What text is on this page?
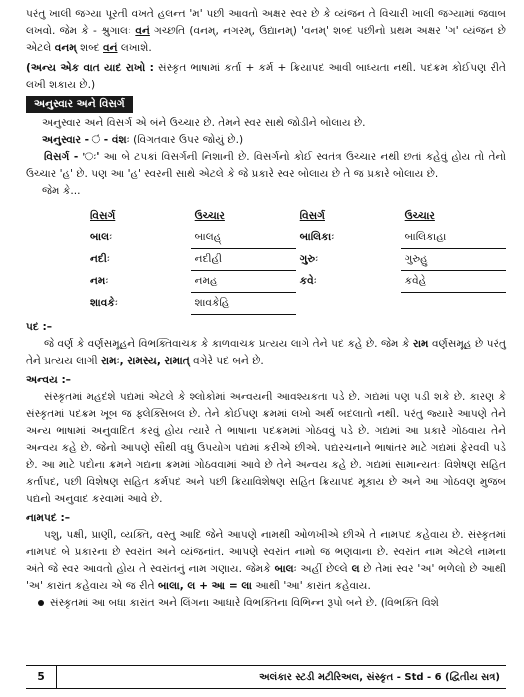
પરંતુ ખાલી જગ્યા પૂરતી વખતે હલન્ત 'મ' પછી આવતો અક્ષર સ્વર છે કે વ્યંજન તે વિચારી ખાલી જગ્યામાં જવાબ લખવો. જેમ કે - શ્રુગાલઃ વનં ગચ્છતિ (વનમ્, નગરમ્, ઉદ્યાનમ્) 'વનમ્' શબ્દ પછીનો પ્રથમ અક્ષર 'ગ' વ્યંજન છે એટલે વનમ્ શબ્દ વનં લખાશે.

(અન્ય એક વાત યાદ રાખો : સંસ્કૃત ભાષામાં કર્તા + કર્મ + ક્રિયાપદ આવી બાધ્યતા નથી. પદક્રમ કોઈપણ રીતે લખી શકાય છે.)

અનુસ્વાર અને વિસર્ગ

અનુસ્વાર અને વિસર્ગ એ બંને ઉચ્ચાર છે. તેમને સ્વર સાથે જોડીને બોલાય છે.

અનુસ્વાર - ં - વંશઃ (વિગતવાર ઉપર જોયું છે.)

વિસર્ગ - 'ઃ' આ બે ટપકાં વિસર્ગની નિશાની છે. વિસર્ગનો કોઈ સ્વતંત્ર ઉચ્ચાર નથી છતાં કહેવું હોય તો તેનો ઉચ્ચાર 'હ' છે. પણ આ 'હ' સ્વરની સાથે એટલે કે જે પ્રકારે સ્વર બોલાય છે તે જ પ્રકારે બોલાય છે.

જેમ કે...

વિસર્ગ	ઉચ્ચાર	વિસર્ગ	ઉચ્ચાર
બાલઃ	બાલહ્	બાલિકાઃ	બાલિકાહા
નદીઃ	નદીહી	ગુરુઃ	ગુરુહુ
નમઃ	નમહ	કવેઃ	કવેહે
શાવકેઃ	શાવકેહિ		

પદ :–

જે વર્ણ કે વર્ણસમૂહને વિભક્તિવાચક કે કાળવાચક પ્રત્યય લાગે તેને પદ કહે છે. જેમ કે રામ વર્ણસમૂહ છે પરંતુ તેને પ્રત્યય લાગી રામઃ, રામસ્ય, રામાત્ વગેરે પદ બને છે.

અન્વય :–

સંસ્કૃતમાં મહદંશે પદ્યમાં એટલે કે શ્લોકોમાં અન્વયની આવશ્યકતા પડે છે. ગદ્યમાં પણ પડી શકે છે. કારણ કે સંસ્કૃતમાં પદક્રમ ખૂબ જ ફ્લેક્સિબલ છે. તેને કોઈપણ ક્રમમાં લખો અર્થ બદલાતો નથી. પરંતુ જ્યારે આપણે તેને અન્ય ભાષામાં અનુવાદિત કરવું હોય ત્યારે તે ભાષાના પદક્રમમાં ગોઠવવું પડે છે. ગદ્યમાં આ પ્રકારે ગોઠવાય તેને અન્વય કહે છે. જેનો આપણે સૌથી વધુ ઉપયોગ પદ્યમાં કરીએ છીએ. પદ્યરચનાને ભાષાંતર માટે ગદ્યમાં ફેરવવી પડે છે. આ માટે પદોના ક્રમને ગદ્યના ક્રમમાં ગોઠવવામાં આવે છે તેને અન્વય કહે છે. ગદ્યમાં સામાન્યતઃ વિશેષણ સહિત કર્તાપદ, પછી વિશેષણ સહિત કર્મપદ અને પછી ક્રિયાવિશેષણ સહિત ક્રિયાપદ મૂકાય છે અને આ ગોઠવણ મુજબ પદ્યનો અનુવાદ કરવામાં આવે છે.

નામપદ :–

પશુ, પક્ષી, પ્રાણી, વ્યક્તિ, વસ્તુ આદિ જેને આપણે નામથી ઓળખીએ છીએ તે નામપદ કહેવાય છે. સંસ્કૃતમાં નામપદ બે પ્રકારના છે સ્વરાંત અને વ્યંજનાંત. આપણે સ્વરાંત નામો જ ભણવાના છે. સ્વરાંત નામ એટલે નામના અંતે જે સ્વર આવતો હોય તે સ્વરાંતનું નામ ગણાય. જેમકે બાલઃ અહીં છેલ્લે લ છે તેમાં સ્વર 'અ' ભળેલો છે આથી 'અ' કારાંત કહેવાય એ જ રીતે બાલા, લ + આ = લા આથી 'આ' કારાંત કહેવાય.

સંસ્કૃતમાં આ બધા કારાંત અને લિંગના આધારે વિભક્તિના વિભિન્ન રૂપો બને છે. (વિભક્તિ વિશે

5	અલંકાર સ્ટડી મટીરિઅલ, સંસ્કૃત - Std - 6 (દ્વિતીય સત્ર)
